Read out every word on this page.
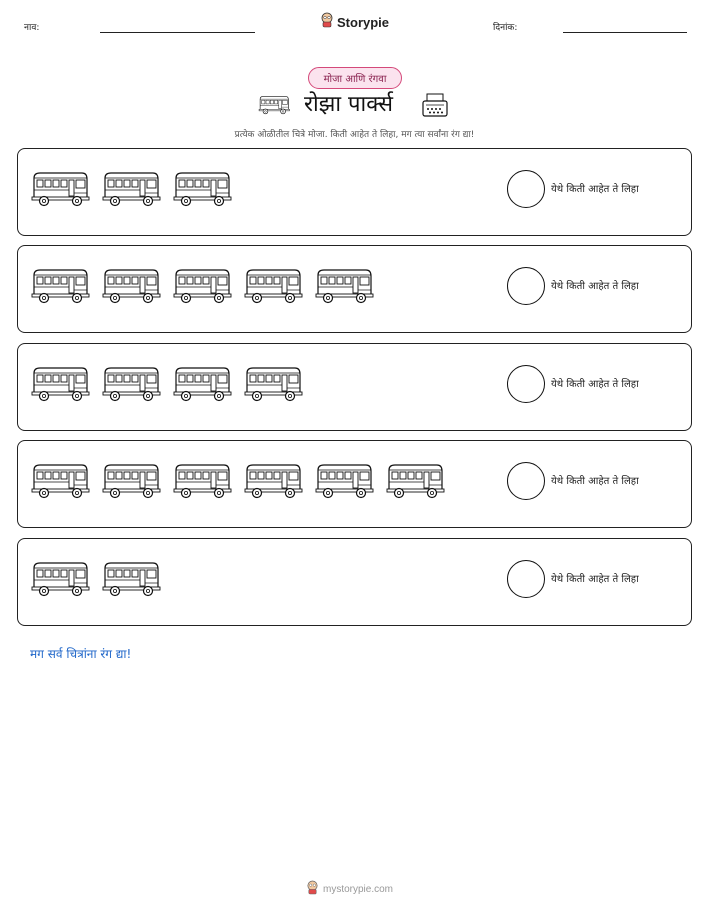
नाव:	Storypie	दिनांक:
मोजा आणि रंगवा
रोझा पार्क्स
प्रत्येक ओळीतील चित्रे मोजा. किती आहेत ते लिहा, मग त्या सर्वांना रंग द्या!
येथे किती आहेत ते लिहा
येथे किती आहेत ते लिहा
येथे किती आहेत ते लिहा
येथे किती आहेत ते लिहा
येथे किती आहेत ते लिहा
मग सर्व चित्रांना रंग द्या!
mystorypie.com
